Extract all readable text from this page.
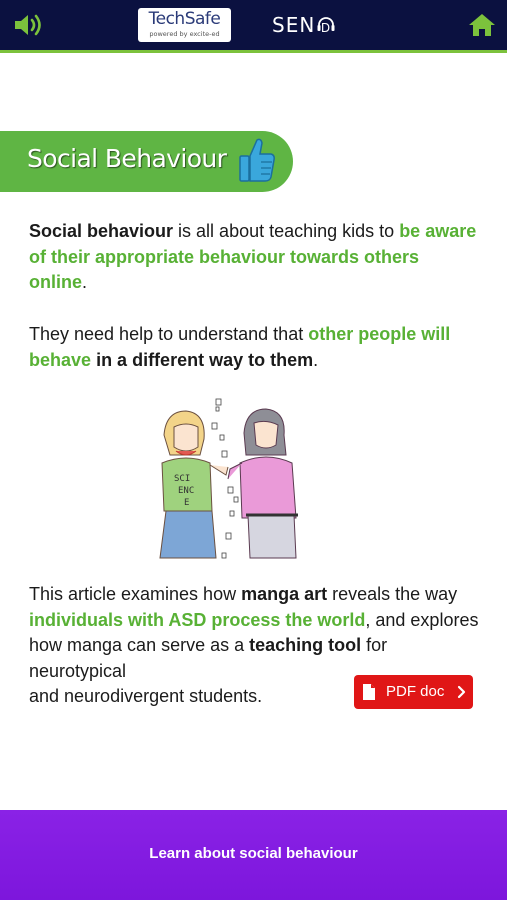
TechSafe
powered by excite-ed	SEN D
Social Behaviour

Social behaviour is all about teaching kids to be aware of their appropriate behaviour towards others online.

They need help to understand that other people will behave in a different way to them.

SCI
ENC
E

This article examines how manga art reveals the way individuals with ASD process the world, and explores how manga can serve as a teaching tool for neurotypical
and neurodivergent students.	PDF doc
Learn about social behaviour
